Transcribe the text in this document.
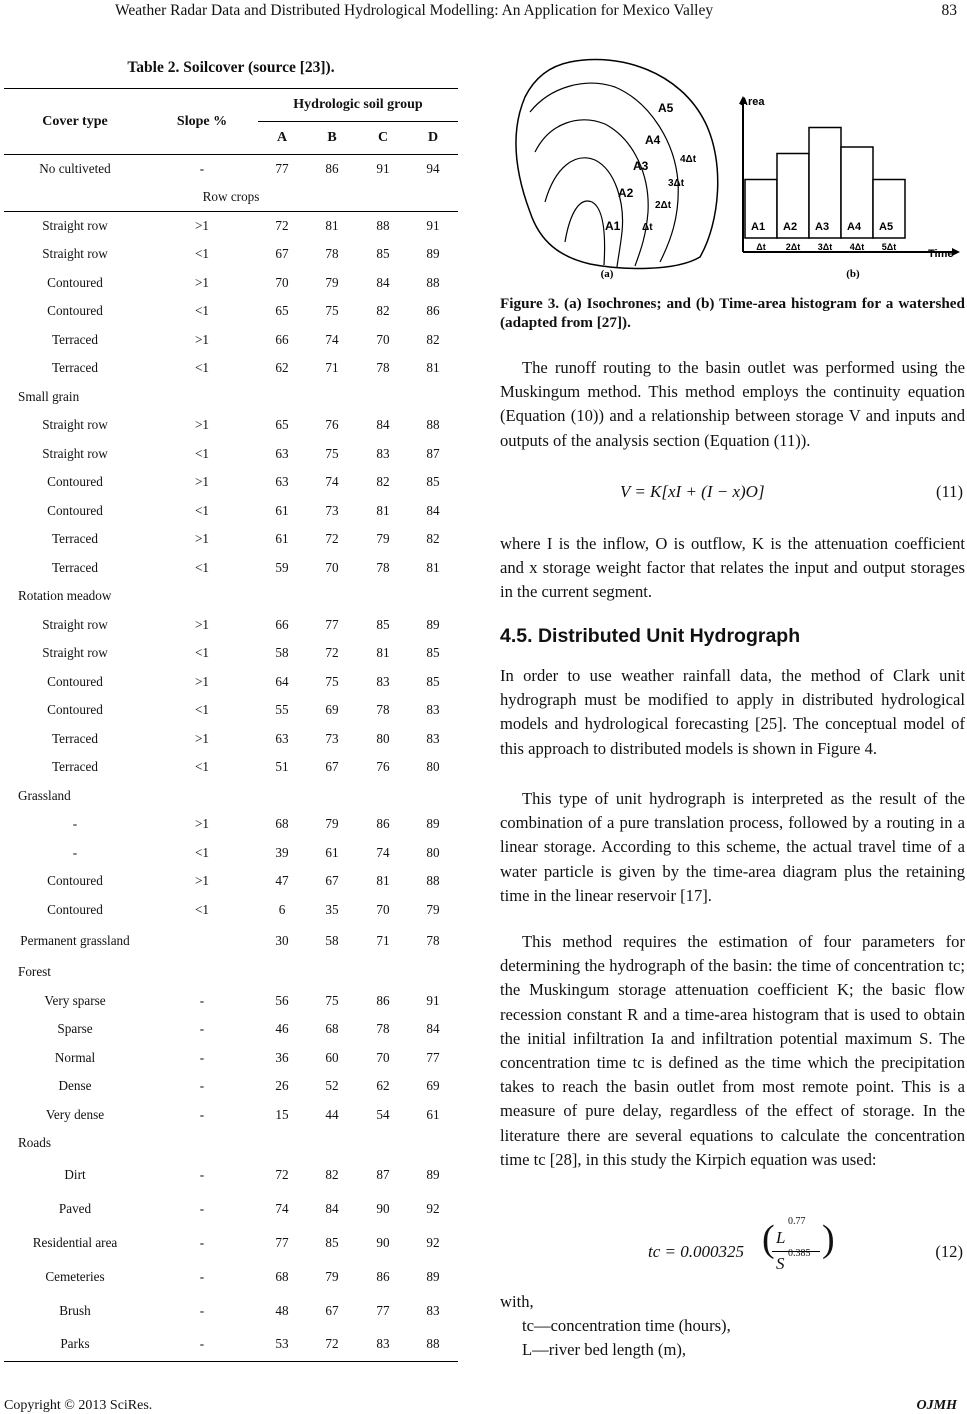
Weather Radar Data and Distributed Hydrological Modelling: An Application for Mexico Valley	83
Table 2. Soilcover (source [23]).
Cover type	Slope %	Hydrologic soil group			
		A	B	C	D
No cultiveted	-	77	86	91	94
Row crops					
Straight row	>1	72	81	88	91
Straight row	<1	67	78	85	89
Contoured	>1	70	79	84	88
Contoured	<1	65	75	82	86
Terraced	>1	66	74	70	82
Terraced	<1	62	71	78	81
Small grain					
Straight row	>1	65	76	84	88
Straight row	<1	63	75	83	87
Contoured	>1	63	74	82	85
Contoured	<1	61	73	81	84
Terraced	>1	61	72	79	82
Terraced	<1	59	70	78	81
Rotation meadow					
Straight row	>1	66	77	85	89
Straight row	<1	58	72	81	85
Contoured	>1	64	75	83	85
Contoured	<1	55	69	78	83
Terraced	>1	63	73	80	83
Terraced	<1	51	67	76	80
Grassland					
-	>1	68	79	86	89
-	<1	39	61	74	80
Contoured	>1	47	67	81	88
Contoured	<1	6	35	70	79
Permanent grassland		30	58	71	78
Forest					
Very sparse	-	56	75	86	91
Sparse	-	46	68	78	84
Normal	-	36	60	70	77
Dense	-	26	52	62	69
Very dense	-	15	44	54	61
Roads					
Dirt	-	72	82	87	89
Paved	-	74	84	90	92
Residential area	-	77	85	90	92
Cemeteries	-	68	79	86	89
Brush	-	48	67	77	83
Parks	-	53	72	83	88
A1
A2
A3
A4
A5
Δt
2Δt
3Δt
4Δt
Area
Time
A1
Δt
A2
2Δt
A3
3Δt
A4
4Δt
A5
5Δt
(a)	(b)
Figure 3. (a) Isochrones; and (b) Time-area histogram for a watershed (adapted from [27]).
The runoff routing to the basin outlet was performed using the Muskingum method. This method employs the continuity equation (Equation (10)) and a relationship between storage V and inputs and outputs of the analysis section (Equation (11)).
V = K[xI + (I − x)O]	(11)
where I is the inflow, O is outflow, K is the attenuation coefficient and x storage weight factor that relates the input and output storages in the current segment.
4.5. Distributed Unit Hydrograph
In order to use weather rainfall data, the method of Clark unit hydrograph must be modified to apply in distributed hydrological models and hydrological forecasting [25]. The conceptual model of this approach to distributed models is shown in Figure 4.
This type of unit hydrograph is interpreted as the result of the combination of a pure translation process, followed by a routing in a linear storage. According to this scheme, the actual travel time of a water particle is given by the time-area diagram plus the retaining time in the linear reservoir [17].
This method requires the estimation of four parameters for determining the hydrograph of the basin: the time of concentration tc; the Muskingum storage attenuation coefficient K; the basic flow recession constant R and a time-area histogram that is used to obtain the initial infiltration Ia and infiltration potential maximum S. The concentration time tc is defined as the time which the precipitation takes to reach the basin outlet from most remote point. This is a measure of pure delay, regardless of the effect of storage. In the literature there are several equations to calculate the concentration time tc [28], in this study the Kirpich equation was used:
tc = 0.000325 ( L
0.77
S
0.385 )	(12)
with,
tc—concentration time (hours),
L—river bed length (m),
Copyright © 2013 SciRes.	OJMH
